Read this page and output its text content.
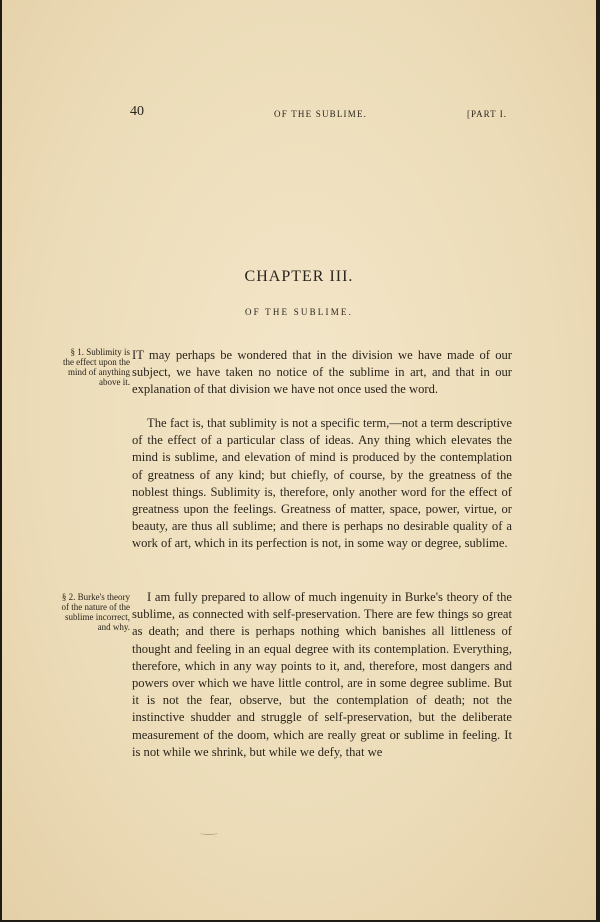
40	OF THE SUBLIME.	[PART I.
CHAPTER III.
OF THE SUBLIME.
§ 1. Sublimity is the effect upon the mind of anything above it.

IT may perhaps be wondered that in the division we have made of our subject, we have taken no notice of the sublime in art, and that in our explanation of that division we have not once used the word.

The fact is, that sublimity is not a specific term,—not a term descriptive of the effect of a particular class of ideas. Any thing which elevates the mind is sublime, and elevation of mind is produced by the contemplation of greatness of any kind; but chiefly, of course, by the greatness of the noblest things. Sublimity is, therefore, only another word for the effect of greatness upon the feelings. Greatness of matter, space, power, virtue, or beauty, are thus all sublime; and there is perhaps no desirable quality of a work of art, which in its perfection is not, in some way or degree, sublime.

§ 2. Burke's theory of the nature of the sublime incorrect, and why.

I am fully prepared to allow of much ingenuity in Burke's theory of the sublime, as connected with self-preservation. There are few things so great as death; and there is perhaps nothing which banishes all littleness of thought and feeling in an equal degree with its contemplation. Everything, therefore, which in any way points to it, and, therefore, most dangers and powers over which we have little control, are in some degree sublime. But it is not the fear, observe, but the contemplation of death; not the instinctive shudder and struggle of self-preservation, but the deliberate measurement of the doom, which are really great or sublime in feeling. It is not while we shrink, but while we defy, that we
